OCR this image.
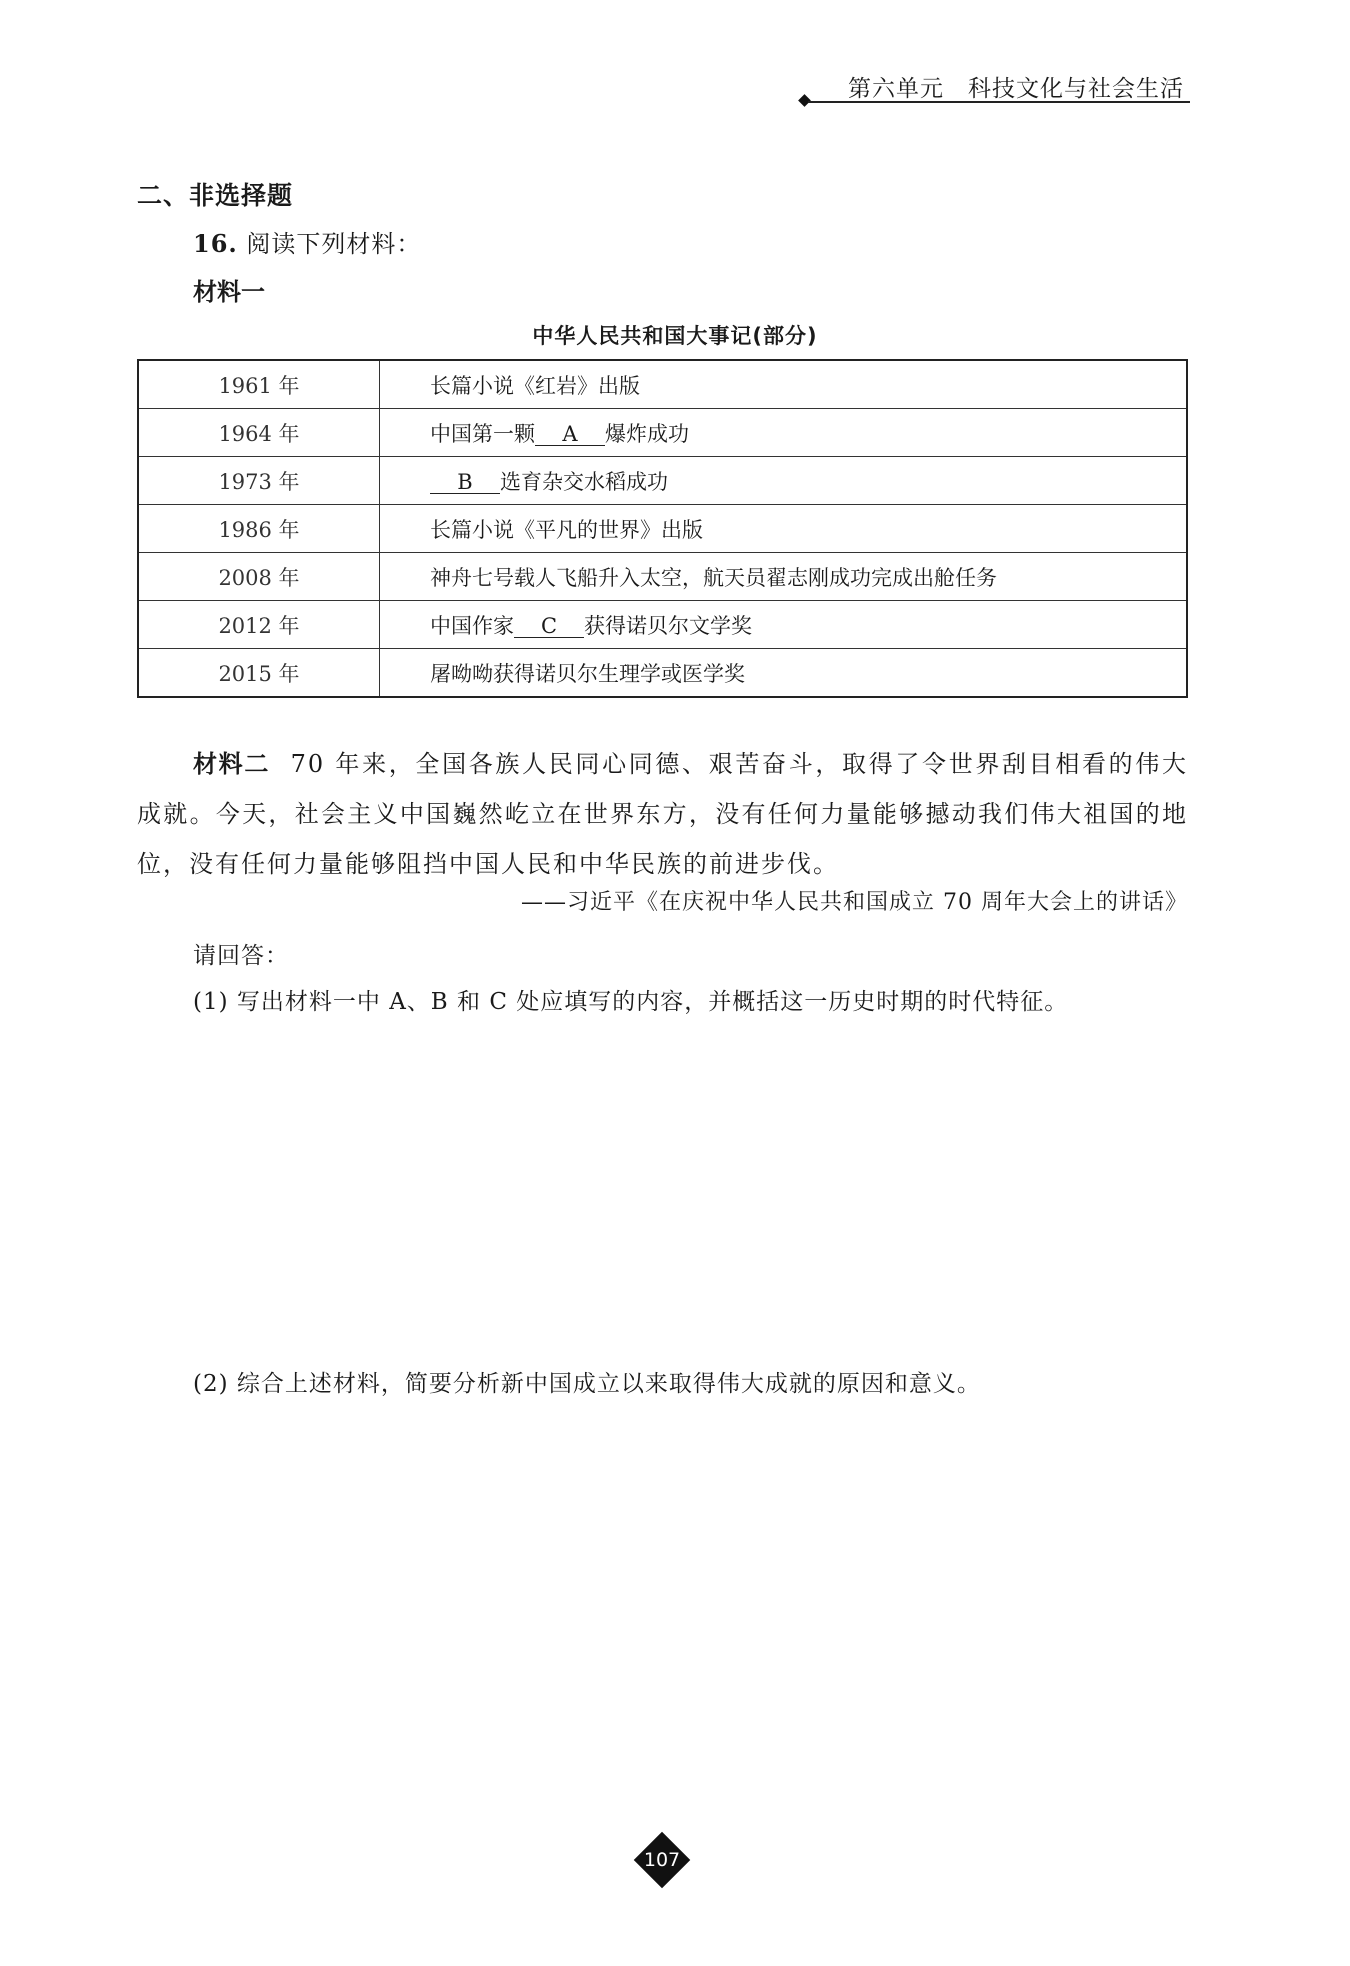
第六单元　科技文化与社会生活
二、非选择题
16. 阅读下列材料：
材料一
中华人民共和国大事记(部分)
1961 年	长篇小说《红岩》出版
1964 年	中国第一颗 A 爆炸成功
1973 年	B 选育杂交水稻成功
1986 年	长篇小说《平凡的世界》出版
2008 年	神舟七号载人飞船升入太空，航天员翟志刚成功完成出舱任务
2012 年	中国作家 C 获得诺贝尔文学奖
2015 年	屠呦呦获得诺贝尔生理学或医学奖
材料二 70 年来，全国各族人民同心同德、艰苦奋斗，取得了令世界刮目相看的伟大成就。今天，社会主义中国巍然屹立在世界东方，没有任何力量能够撼动我们伟大祖国的地位，没有任何力量能够阻挡中国人民和中华民族的前进步伐。
——习近平《在庆祝中华人民共和国成立 70 周年大会上的讲话》
请回答：
(1) 写出材料一中 A、B 和 C 处应填写的内容，并概括这一历史时期的时代特征。
(2) 综合上述材料，简要分析新中国成立以来取得伟大成就的原因和意义。
107
